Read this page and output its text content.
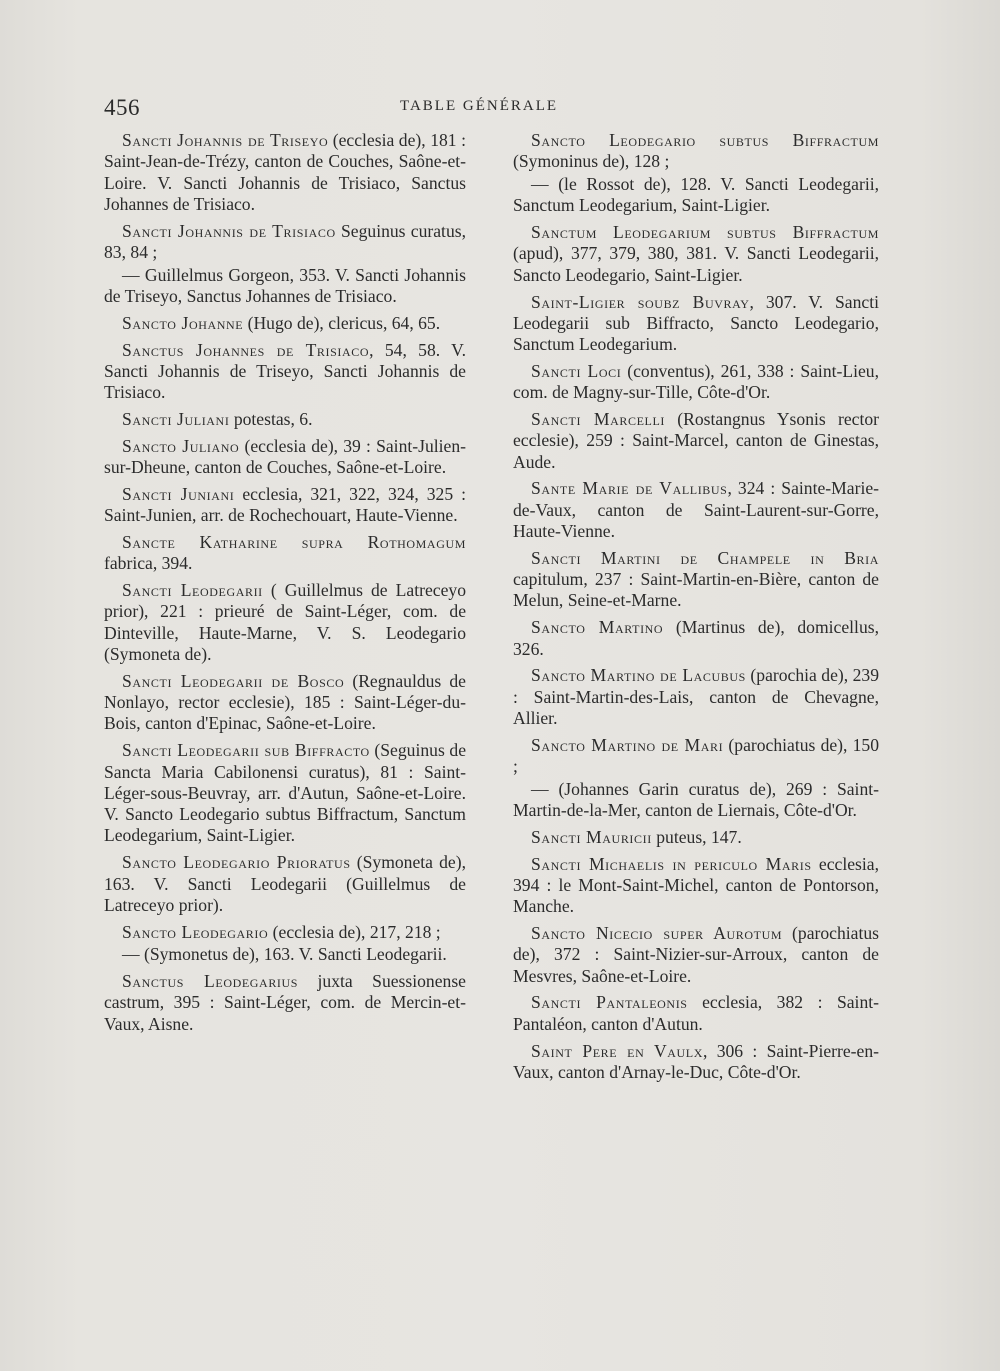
456	TABLE GÉNÉRALE

Sancti Johannis de Triseyo (ecclesia de), 181 : Saint-Jean-de-Trézy, canton de Couches, Saône-et-Loire. V. Sancti Johannis de Trisiaco, Sanctus Johannes de Trisiaco.

Sancti Johannis de Trisiaco Seguinus curatus, 83, 84 ;

— Guillelmus Gorgeon, 353. V. Sancti Johannis de Triseyo, Sanctus Johannes de Trisiaco.

Sancto Johanne (Hugo de), clericus, 64, 65.

Sanctus Johannes de Trisiaco, 54, 58. V. Sancti Johannis de Triseyo, Sancti Johannis de Trisiaco.

Sancti Juliani potestas, 6.

Sancto Juliano (ecclesia de), 39 : Saint-Julien-sur-Dheune, canton de Couches, Saône-et-Loire.

Sancti Juniani ecclesia, 321, 322, 324, 325 : Saint-Junien, arr. de Rochechouart, Haute-Vienne.

Sancte Katharine supra Rothomagum fabrica, 394.

Sancti Leodegarii ( Guillelmus de Latreceyo prior), 221 : prieuré de Saint-Léger, com. de Dinteville, Haute-Marne, V. S. Leodegario (Symoneta de).

Sancti Leodegarii de Bosco (Regnauldus de Nonlayo, rector ecclesie), 185 : Saint-Léger-du-Bois, canton d'Epinac, Saône-et-Loire.

Sancti Leodegarii sub Biffracto (Seguinus de Sancta Maria Cabilonensi curatus), 81 : Saint-Léger-sous-Beuvray, arr. d'Autun, Saône-et-Loire. V. Sancto Leodegario subtus Biffractum, Sanctum Leodegarium, Saint-Ligier.

Sancto Leodegario Prioratus (Symoneta de), 163. V. Sancti Leodegarii (Guillelmus de Latreceyo prior).

Sancto Leodegario (ecclesia de), 217, 218 ;

— (Symonetus de), 163. V. Sancti Leodegarii.

Sanctus Leodegarius juxta Suessionense castrum, 395 : Saint-Léger, com. de Mercin-et-Vaux, Aisne.

Sancto Leodegario subtus Biffractum (Symoninus de), 128 ;

— (le Rossot de), 128. V. Sancti Leodegarii, Sanctum Leodegarium, Saint-Ligier.

Sanctum Leodegarium subtus Biffractum (apud), 377, 379, 380, 381. V. Sancti Leodegarii, Sancto Leodegario, Saint-Ligier.

Saint-Ligier soubz Buvray, 307. V. Sancti Leodegarii sub Biffracto, Sancto Leodegario, Sanctum Leodegarium.

Sancti Loci (conventus), 261, 338 : Saint-Lieu, com. de Magny-sur-Tille, Côte-d'Or.

Sancti Marcelli (Rostangnus Ysonis rector ecclesie), 259 : Saint-Marcel, canton de Ginestas, Aude.

Sante Marie de Vallibus, 324 : Sainte-Marie-de-Vaux, canton de Saint-Laurent-sur-Gorre, Haute-Vienne.

Sancti Martini de Champele in Bria capitulum, 237 : Saint-Martin-en-Bière, canton de Melun, Seine-et-Marne.

Sancto Martino (Martinus de), domicellus, 326.

Sancto Martino de Lacubus (parochia de), 239 : Saint-Martin-des-Lais, canton de Chevagne, Allier.

Sancto Martino de Mari (parochiatus de), 150 ;

— (Johannes Garin curatus de), 269 : Saint-Martin-de-la-Mer, canton de Liernais, Côte-d'Or.

Sancti Mauricii puteus, 147.

Sancti Michaelis in periculo Maris ecclesia, 394 : le Mont-Saint-Michel, canton de Pontorson, Manche.

Sancto Nicecio super Aurotum (parochiatus de), 372 : Saint-Nizier-sur-Arroux, canton de Mesvres, Saône-et-Loire.

Sancti Pantaleonis ecclesia, 382 : Saint-Pantaléon, canton d'Autun.

Saint Pere en Vaulx, 306 : Saint-Pierre-en-Vaux, canton d'Arnay-le-Duc, Côte-d'Or.
